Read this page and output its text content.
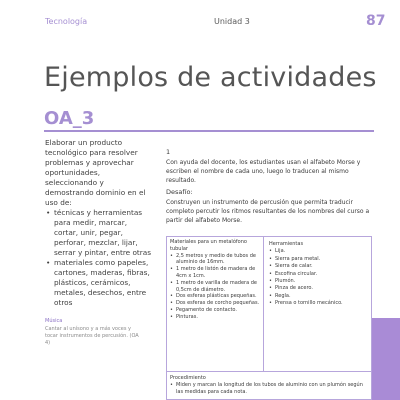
Tecnología	Unidad 3	87
Ejemplos de actividades
OA_3
Elaborar un producto tecnológico para resolver problemas y aprovechar oportunidades, seleccionando y demostrando dominio en el uso de:
• técnicas y herramientas para medir, marcar, cortar, unir, pegar, perforar, mezclar, lijar, serrar y pintar, entre otras
• materiales como papeles, cartones, maderas, fibras, plásticos, cerámicos, metales, desechos, entre otros
Música
Cantar al unísono y a más voces y tocar instrumentos de percusión. (OA 4)
1
Con ayuda del docente, los estudiantes usan el alfabeto Morse y escriben el nombre de cada uno, luego lo traducen al mismo resultado.
Desafío:
Construyen un instrumento de percusión que permita traducir completo percutir los ritmos resultantes de los nombres del curso a partir del alfabeto Morse.
Materiales para un metalófono tubular
• 2,5 metros y medio de tubos de aluminio de 16mm.
• 1 metro de listón de madera de 4cm x 1cm.
• 1 metro de varilla de madera de 0,5cm de diámetro.
• Dos esferas plásticas pequeñas.
• Dos esferas de corcho pequeñas.
• Pegamento de contacto.
• Pinturas.
Herramientas
• Lija.
• Sierra para metal.
• Sierra de calar.
• Escofina circular.
• Plumón.
• Pinza de acero.
• Regla.
• Prensa o tornillo mecánico.
Procedimiento
• Miden y marcan la longitud de los tubos de aluminio con un plumón según las medidas para cada nota.
